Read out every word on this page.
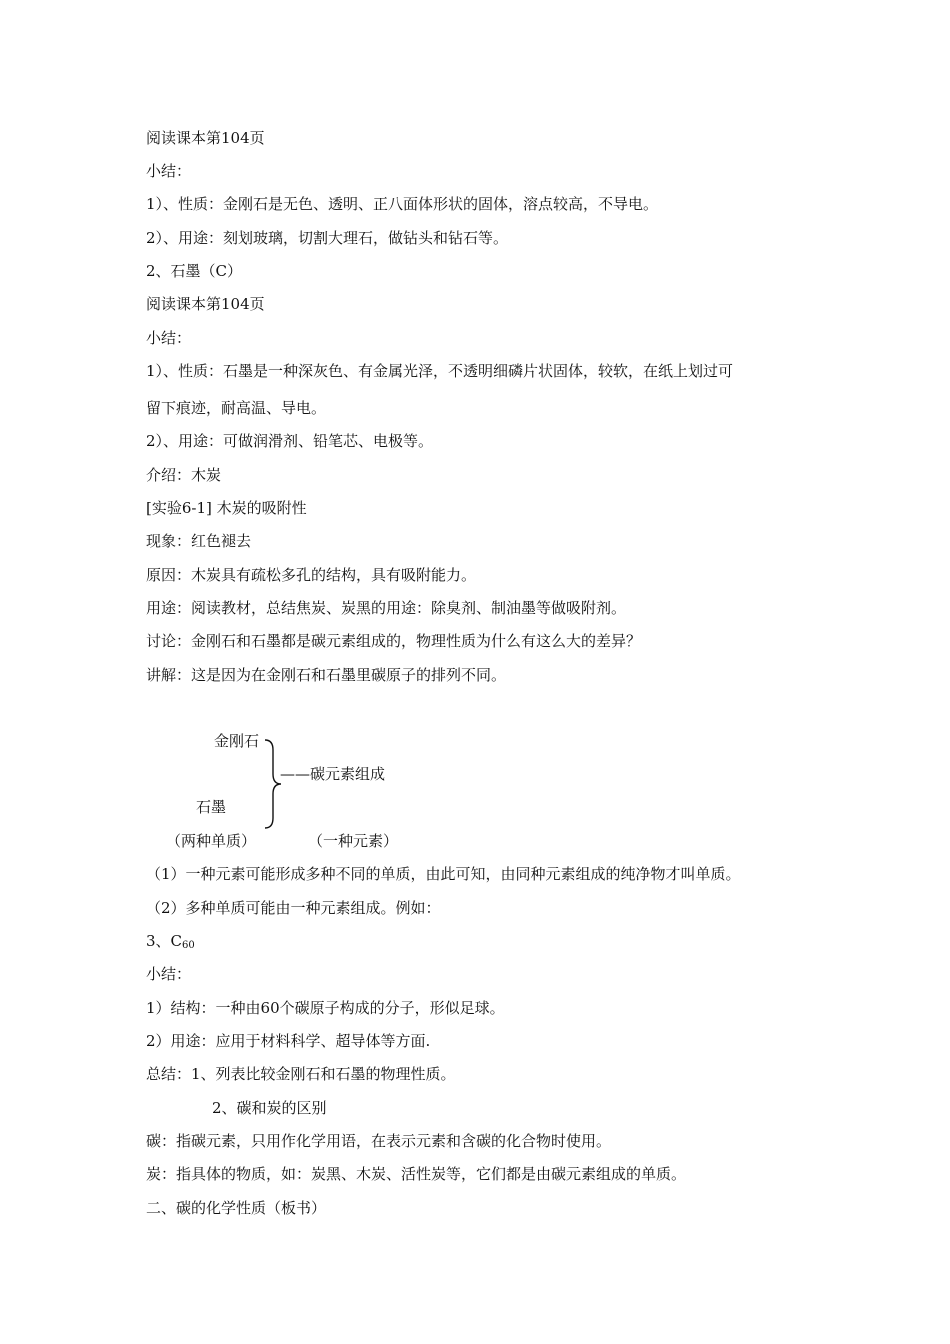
阅读课本第104页
小结：
1）、性质：金刚石是无色、透明、正八面体形状的固体，溶点较高，不导电。
2）、用途：刻划玻璃，切割大理石，做钻头和钻石等。
2、石墨（C）
阅读课本第104页
小结：
1）、性质：石墨是一种深灰色、有金属光泽，不透明细磷片状固体，较软，在纸上划过可
留下痕迹，耐高温、导电。
2）、用途：可做润滑剂、铅笔芯、电极等。
介绍：木炭
[实验6-1] 木炭的吸附性
现象：红色褪去
原因：木炭具有疏松多孔的结构，具有吸附能力。
用途：阅读教材，总结焦炭、炭黑的用途：除臭剂、制油墨等做吸附剂。
讨论：金刚石和石墨都是碳元素组成的，物理性质为什么有这么大的差异？
讲解：这是因为在金刚石和石墨里碳原子的排列不同。
金刚石
石墨
——碳元素组成
（两种单质）	（一种元素）
（1）一种元素可能形成多种不同的单质，由此可知，由同种元素组成的纯净物才叫单质。
（2）多种单质可能由一种元素组成。例如：
3、$C_{60}$
小结：
1）结构：一种由60个碳原子构成的分子，形似足球。
2）用途：应用于材料科学、超导体等方面.
总结：1、列表比较金刚石和石墨的物理性质。
2、碳和炭的区别
碳：指碳元素，只用作化学用语，在表示元素和含碳的化合物时使用。
炭：指具体的物质，如：炭黑、木炭、活性炭等，它们都是由碳元素组成的单质。
二、碳的化学性质（板书）
